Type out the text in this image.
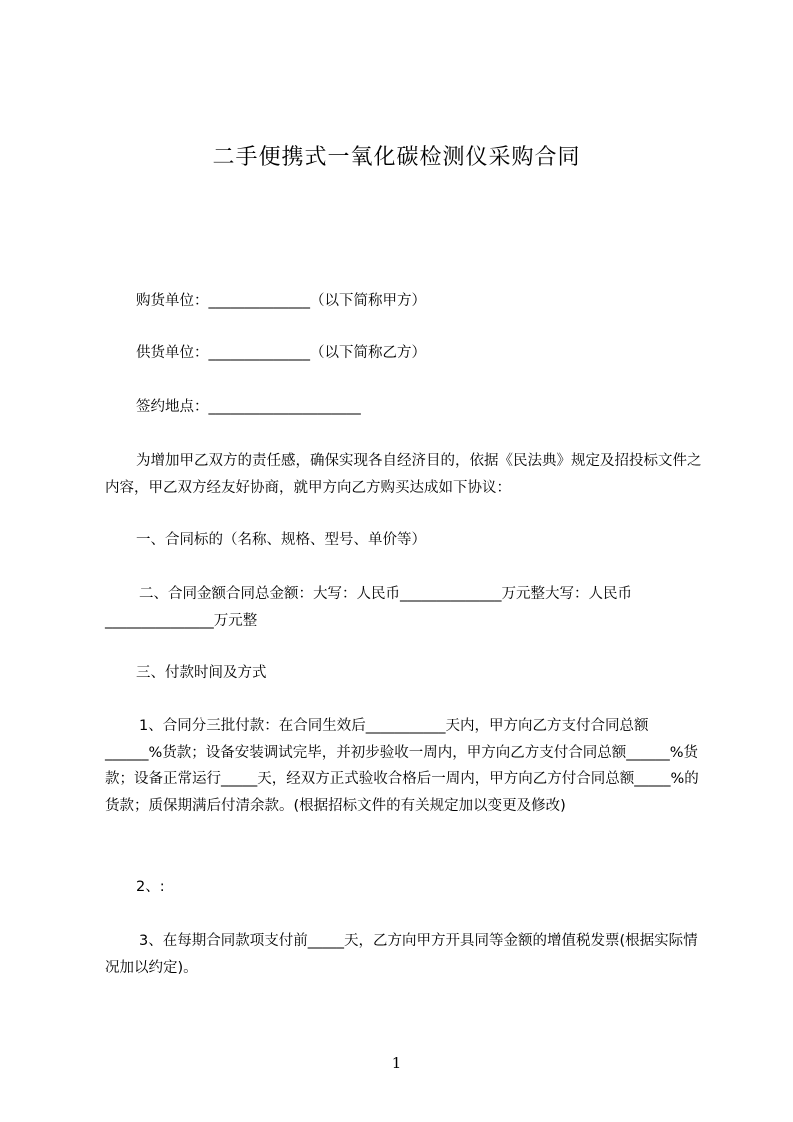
二手便携式一氧化碳检测仪采购合同
购货单位：______________（以下简称甲方）
供货单位：______________（以下简称乙方）
签约地点：_____________________
为增加甲乙双方的责任感，确保实现各自经济目的，依据《民法典》规定及招投标文件之内容，甲乙双方经友好协商，就甲方向乙方购买达成如下协议：
一、合同标的（名称、规格、型号、单价等）
二、合同金额合同总金额：大写：人民币______________万元整大写：人民币_______________万元整
三、付款时间及方式
1、合同分三批付款：在合同生效后___________天内，甲方向乙方支付合同总额______%货款；设备安装调试完毕，并初步验收一周内，甲方向乙方支付合同总额______%货款；设备正常运行_____天，经双方正式验收合格后一周内，甲方向乙方付合同总额_____%的货款；质保期满后付清余款。(根据招标文件的有关规定加以变更及修改)
2、:
3、在每期合同款项支付前_____天，乙方向甲方开具同等金额的增值税发票(根据实际情况加以约定)。
1
